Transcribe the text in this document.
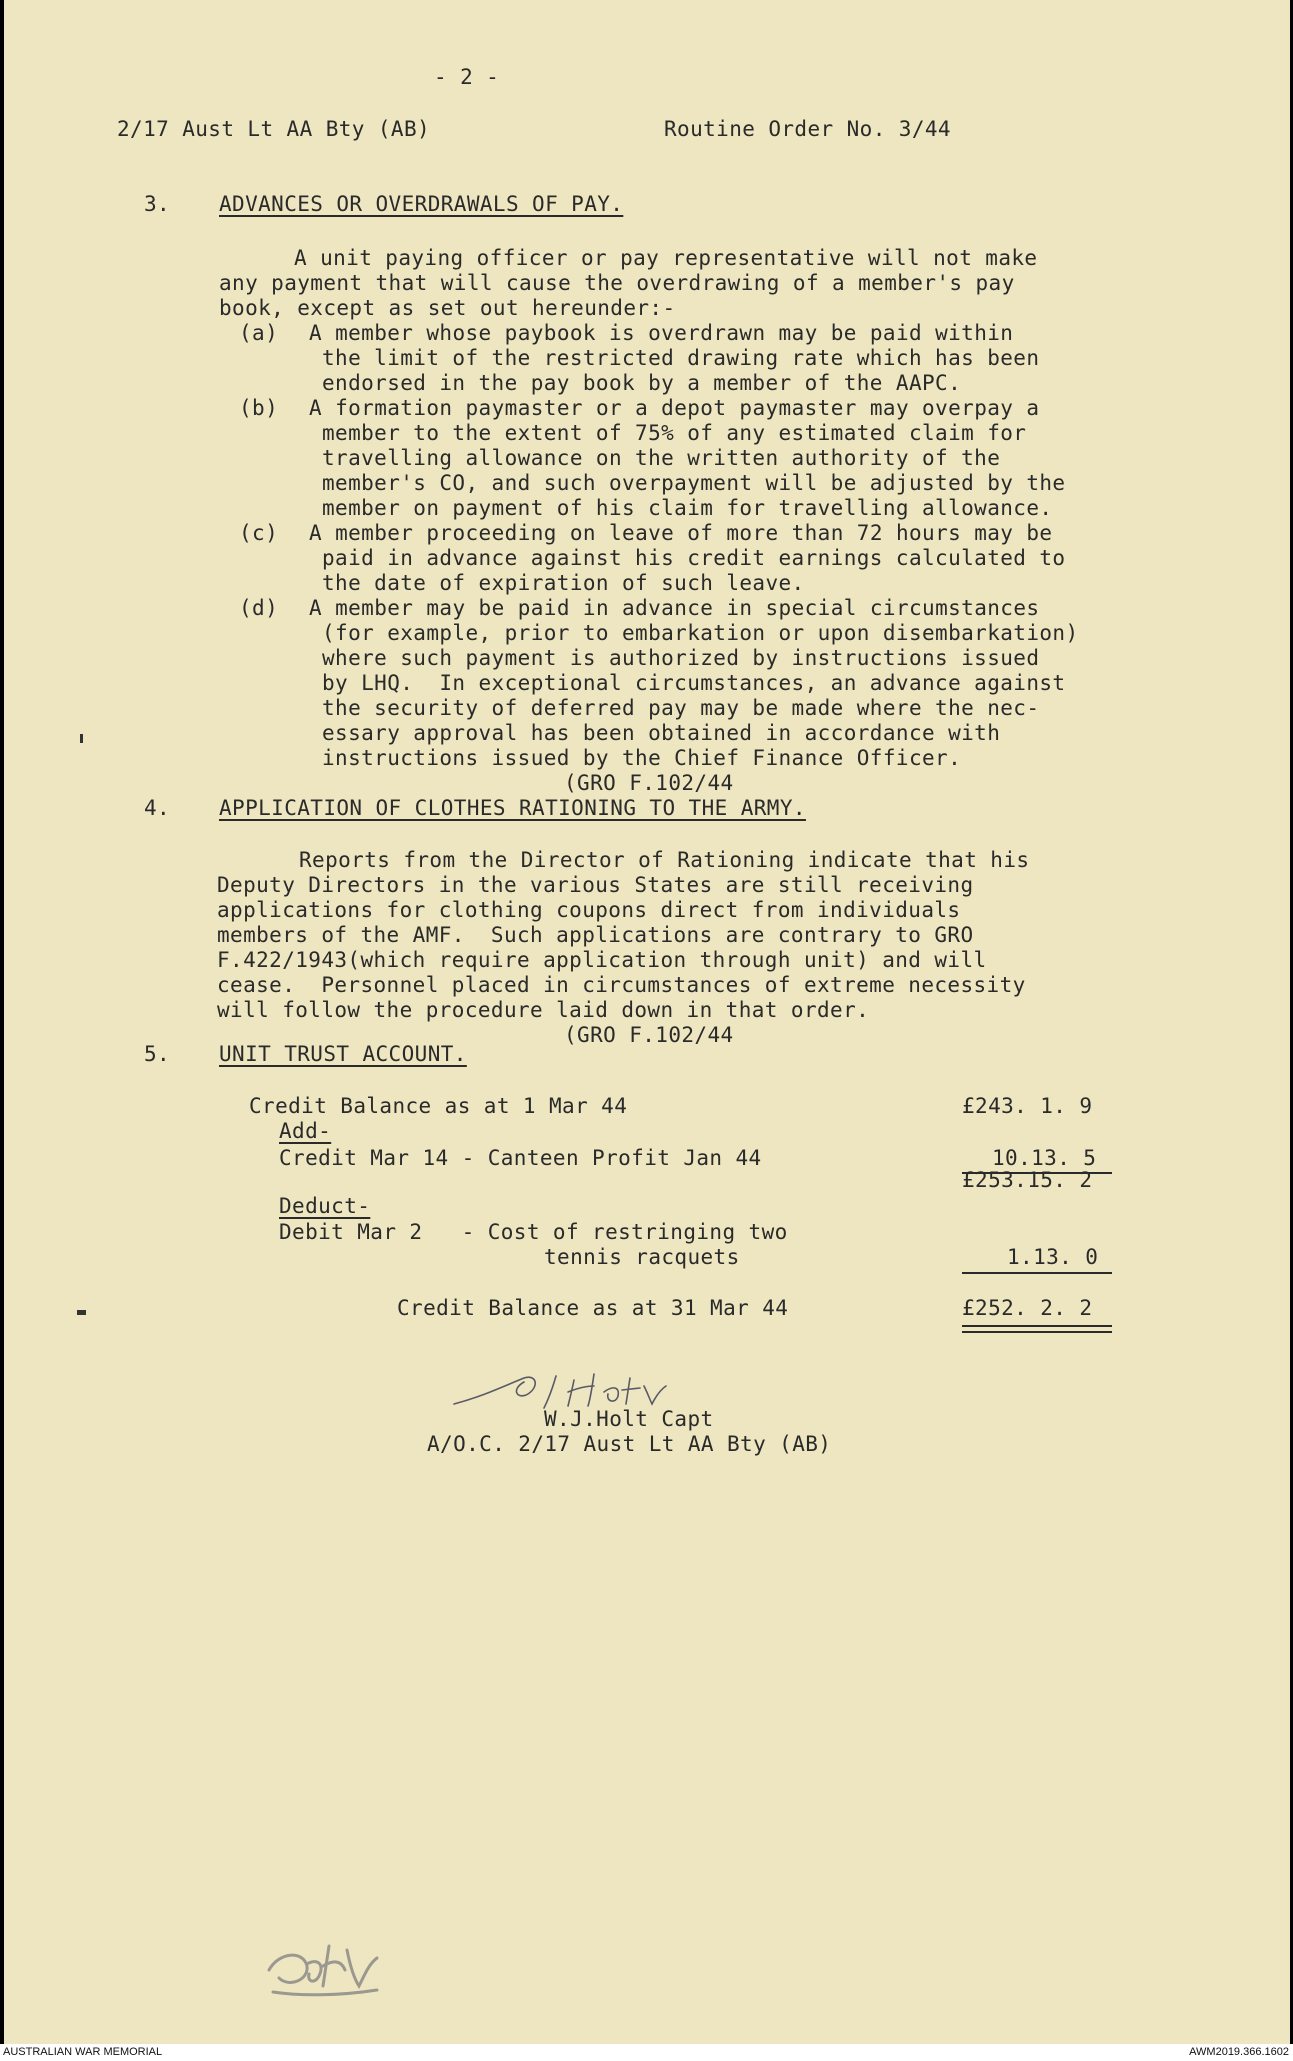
- 2 -
2/17 Aust Lt AA Bty (AB)	Routine Order No. 3/44
3. ADVANCES OR OVERDRAWALS OF PAY.
A unit paying officer or pay representative will not make
any payment that will cause the overdrawing of a member's pay
book, except as set out hereunder:-
(a) A member whose paybook is overdrawn may be paid within
the limit of the restricted drawing rate which has been
endorsed in the pay book by a member of the AAPC.
(b) A formation paymaster or a depot paymaster may overpay a
member to the extent of 75% of any estimated claim for
travelling allowance on the written authority of the
member's CO, and such overpayment will be adjusted by the
member on payment of his claim for travelling allowance.
(c) A member proceeding on leave of more than 72 hours may be
paid in advance against his credit earnings calculated to
the date of expiration of such leave.
(d) A member may be paid in advance in special circumstances
(for example, prior to embarkation or upon disembarkation)
where such payment is authorized by instructions issued
by LHQ.  In exceptional circumstances, an advance against
the security of deferred pay may be made where the nec-
essary approval has been obtained in accordance with
instructions issued by the Chief Finance Officer.
(GRO F.102/44
4. APPLICATION OF CLOTHES RATIONING TO THE ARMY.
Reports from the Director of Rationing indicate that his
Deputy Directors in the various States are still receiving
applications for clothing coupons direct from individuals
members of the AMF.  Such applications are contrary to GRO
F.422/1943(which require application through unit) and will
cease.  Personnel placed in circumstances of extreme necessity
will follow the procedure laid down in that order.
(GRO F.102/44
5. UNIT TRUST ACCOUNT.
Credit Balance as at 1 Mar 44	£243. 1. 9
Add-
Credit Mar 14 - Canteen Profit Jan 44	10.13. 5
£253.15. 2
Deduct-
Debit Mar 2   - Cost of restringing two
tennis racquets	1.13. 0
Credit Balance as at 31 Mar 44	£252. 2. 2
W.J.Holt Capt
A/O.C. 2/17 Aust Lt AA Bty (AB)
AUSTRALIAN WAR MEMORIAL	AWM2019.366.1602
